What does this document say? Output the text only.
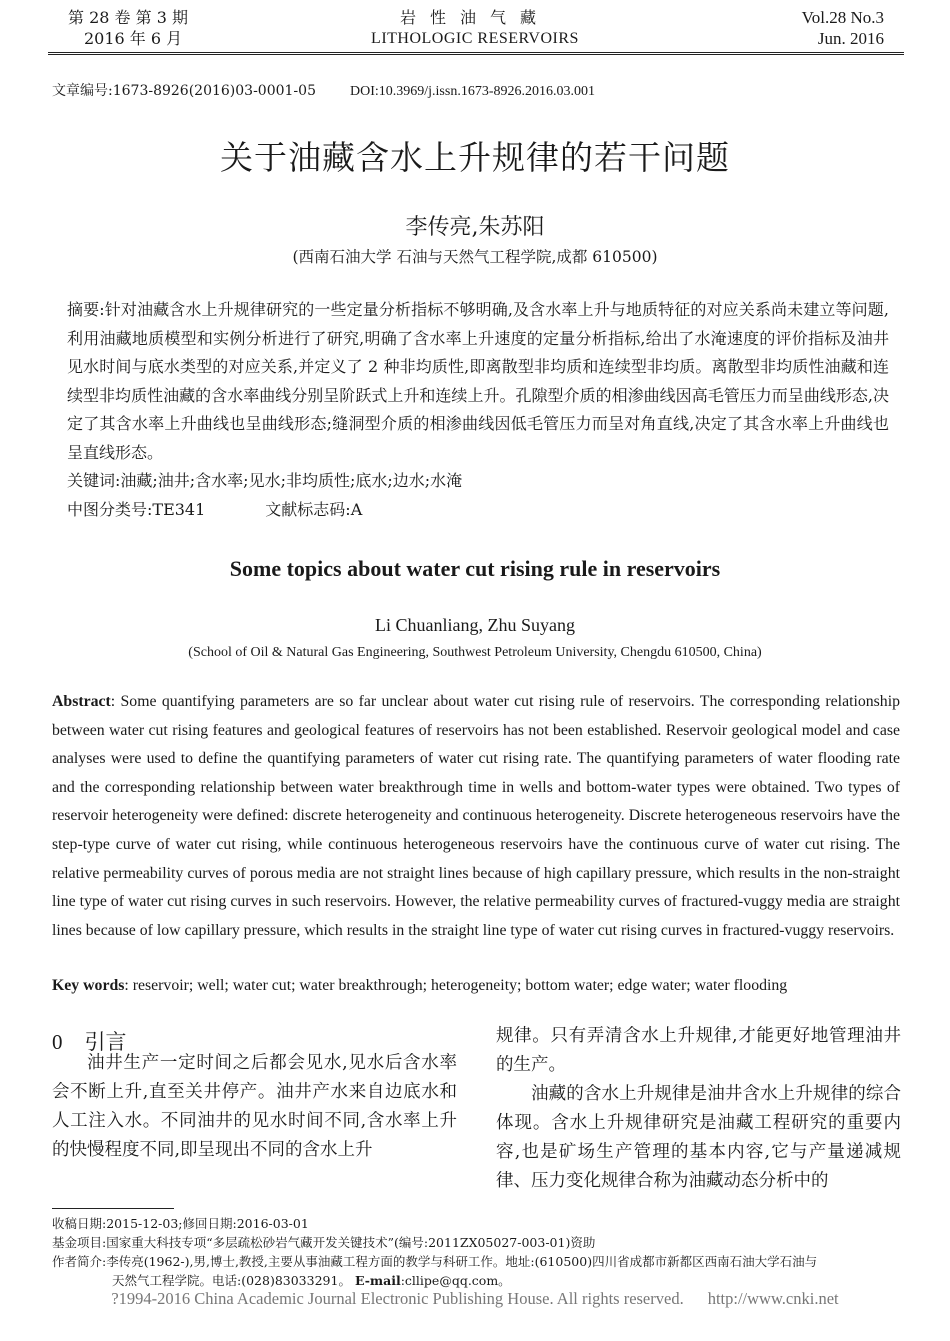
第 28 卷 第 3 期
2016 年 6 月
岩性油气藏
LITHOLOGIC RESERVOIRS
Vol.28 No.3
Jun. 2016
文章编号:1673-8926(2016)03-0001-05 DOI:10.3969/j.issn.1673-8926.2016.03.001
关于油藏含水上升规律的若干问题
李传亮,朱苏阳
(西南石油大学 石油与天然气工程学院,成都 610500)
摘要:针对油藏含水上升规律研究的一些定量分析指标不够明确,及含水率上升与地质特征的对应关系尚未建立等问题,利用油藏地质模型和实例分析进行了研究,明确了含水率上升速度的定量分析指标,给出了水淹速度的评价指标及油井见水时间与底水类型的对应关系,并定义了 2 种非均质性,即离散型非均质和连续型非均质。离散型非均质性油藏和连续型非均质性油藏的含水率曲线分别呈阶跃式上升和连续上升。孔隙型介质的相渗曲线因高毛管压力而呈曲线形态,决定了其含水率上升曲线也呈曲线形态;缝洞型介质的相渗曲线因低毛管压力而呈对角直线,决定了其含水率上升曲线也呈直线形态。
关键词:油藏;油井;含水率;见水;非均质性;底水;边水;水淹
中图分类号:TE341	文献标志码:A
Some topics about water cut rising rule in reservoirs
Li Chuanliang, Zhu Suyang
(School of Oil & Natural Gas Engineering, Southwest Petroleum University, Chengdu 610500, China)
Abstract: Some quantifying parameters are so far unclear about water cut rising rule of reservoirs. The corresponding relationship between water cut rising features and geological features of reservoirs has not been established. Reservoir geological model and case analyses were used to define the quantifying parameters of water cut rising rate. The quantifying parameters of water flooding rate and the corresponding relationship between water breakthrough time in wells and bottom-water types were obtained. Two types of reservoir heterogeneity were defined: discrete heterogeneity and continuous heterogeneity. Discrete heterogeneous reservoirs have the step-type curve of water cut rising, while continuous heterogeneous reservoirs have the continuous curve of water cut rising. The relative permeability curves of porous media are not straight lines because of high capillary pressure, which results in the non-straight line type of water cut rising curves in such reservoirs. However, the relative permeability curves of fractured-vuggy media are straight lines because of low capillary pressure, which results in the straight line type of water cut rising curves in fractured-vuggy reservoirs.
Key words: reservoir; well; water cut; water breakthrough; heterogeneity; bottom water; edge water; water flooding
0 引言

油井生产一定时间之后都会见水,见水后含水率会不断上升,直至关井停产。油井产水来自边底水和人工注入水。不同油井的见水时间不同,含水率上升的快慢程度不同,即呈现出不同的含水上升

规律。只有弄清含水上升规律,才能更好地管理油井的生产。

油藏的含水上升规律是油井含水上升规律的综合体现。含水上升规律研究是油藏工程研究的重要内容,也是矿场生产管理的基本内容,它与产量递减规律、压力变化规律合称为油藏动态分析中的

收稿日期:2015-12-03;修回日期:2016-03-01
基金项目:国家重大科技专项“多层疏松砂岩气藏开发关键技术”(编号:2011ZX05027-003-01)资助
作者简介:李传亮(1962-),男,博士,教授,主要从事油藏工程方面的教学与科研工作。地址:(610500)四川省成都市新都区西南石油大学石油与
天然气工程学院。电话:(028)83033291。 E-mail:cllipe@qq.com。
?1994-2016 China Academic Journal Electronic Publishing House. All rights reserved. http://www.cnki.net
